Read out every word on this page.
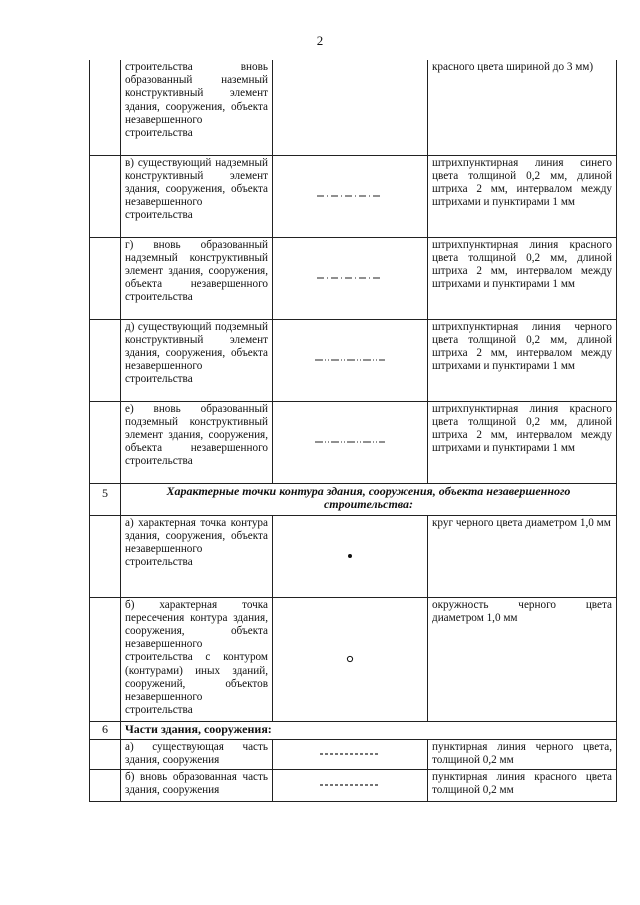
2
	строительства вновь образованный наземный конструктивный элемент здания, сооружения, объекта незавершенного строительства		красного цвета шириной до 3 мм)
	в) существующий надземный конструктивный элемент здания, сооружения, объекта незавершенного строительства		штрихпунктирная линия синего цвета толщиной 0,2 мм, длиной штриха 2 мм, интервалом между штрихами и пунктирами 1 мм
	г) вновь образованный надземный конструктивный элемент здания, сооружения, объекта незавершенного строительства		штрихпунктирная линия красного цвета толщиной 0,2 мм, длиной штриха 2 мм, интервалом между штрихами и пунктирами 1 мм
	д) существующий подземный конструктивный элемент здания, сооружения, объекта незавершенного строительства		штрихпунктирная линия черного цвета толщиной 0,2 мм, длиной штриха 2 мм, интервалом между штрихами и пунктирами 1 мм
	е) вновь образованный подземный конструктивный элемент здания, сооружения, объекта незавершенного строительства		штрихпунктирная линия красного цвета толщиной 0,2 мм, длиной штриха 2 мм, интервалом между штрихами и пунктирами 1 мм
5	Характерные точки контура здания, сооружения, объекта незавершенного строительства:		
	а) характерная точка контура здания, сооружения, объекта незавершенного строительства		круг черного цвета диаметром 1,0 мм
	б) характерная точка пересечения контура здания, сооружения, объекта незавершенного строительства с контуром (контурами) иных зданий, сооружений, объектов незавершенного строительства		окружность черного цвета диаметром 1,0 мм
6	Части здания, сооружения:		
	а) существующая часть здания, сооружения		пунктирная линия черного цвета, толщиной 0,2 мм
	б) вновь образованная часть здания, сооружения		пунктирная линия красного цвета толщиной 0,2 мм
